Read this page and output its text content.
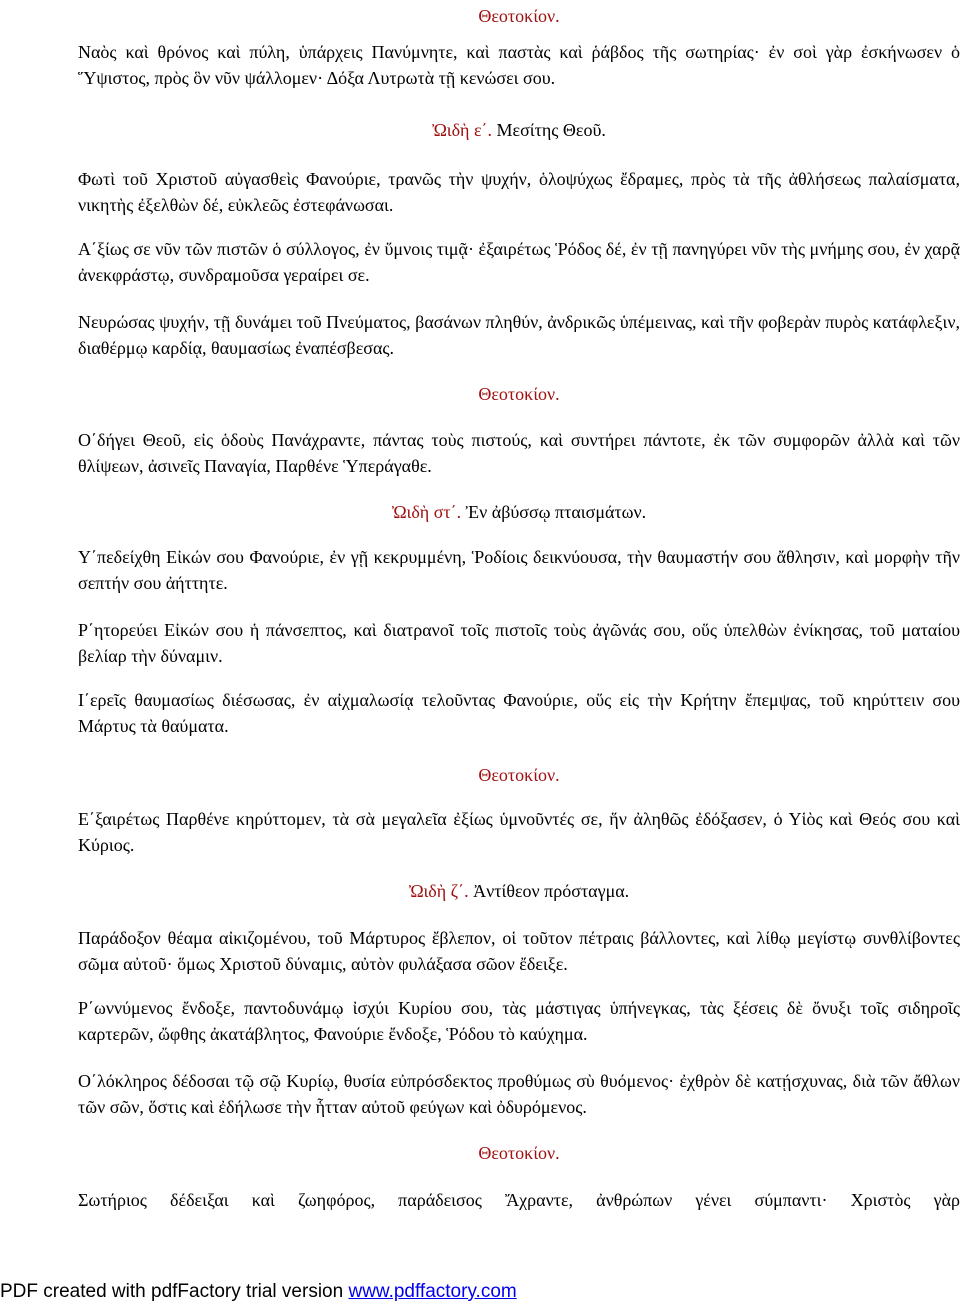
Θεοτοκίον.
Ναὸς καὶ θρόνος καὶ πύλη, ὑπάρχεις Πανύμνητε, καὶ παστὰς καὶ ῥάβδος τῆς σωτηρίας· ἐν σοὶ γὰρ ἐσκήνωσεν ὁ Ὕψιστος, πρὸς ὃν νῦν ψάλλομεν· Δόξα Λυτρωτὰ τῇ κενώσει σου.
Ὠιδὴ ε΄. Μεσίτης Θεοῦ.
Φωτὶ τοῦ Χριστοῦ αὐγασθεὶς Φανούριε, τρανῶς τὴν ψυχήν, ὁλοψύχως ἔδραμες, πρὸς τὰ τῆς ἀθλήσεως παλαίσματα, νικητὴς ἐξελθὼν δέ, εὐκλεῶς ἐστεφάνωσαι.
Α΄ξίως σε νῦν τῶν πιστῶν ὁ σύλλογος, ἐν ὕμνοις τιμᾷ· ἐξαιρέτως Ῥόδος δέ, ἐν τῇ πανηγύρει νῦν τὴς μνήμης σου, ἐν χαρᾷ ἀνεκφράστῳ, συνδραμοῦσα γεραίρει σε.
Νευρώσας ψυχήν, τῇ δυνάμει τοῦ Πνεύματος, βασάνων πληθύν, ἀνδρικῶς ὑπέμεινας, καὶ τῆν φοβερὰν πυρὸς κατάφλεξιν, διαθέρμῳ καρδίᾳ, θαυμασίως ἐναπέσβεσας.
Θεοτοκίον.
Ο΄δήγει Θεοῦ, εἰς ὁδοὺς Πανάχραντε, πάντας τοὺς πιστούς, καὶ συντήρει πάντοτε, ἐκ τῶν συμφορῶν ἀλλὰ καὶ τῶν θλίψεων, ἀσινεῖς Παναγία, Παρθένε Ὑπεράγαθε.
Ὠιδὴ στ΄. Ἐν ἀβύσσῳ πταισμάτων.
Υ΄πεδείχθη Εἰκών σου Φανούριε, ἐν γῇ κεκρυμμένη, Ῥοδίοις δεικνύουσα, τὴν θαυμαστήν σου ἄθλησιν, καὶ μορφὴν τῆν σεπτήν σου ἀήττητε.
Ρ΄ητορεύει Εἰκών σου ἡ πάνσεπτος, καὶ διατρανοῖ τοῖς πιστοῖς τοὺς ἀγῶνάς σου, οὕς ὑπελθὼν ἐνίκησας, τοῦ ματαίου βελίαρ τὴν δύναμιν.
Ι΄ερεῖς θαυμασίως διέσωσας, ἐν αἰχμαλωσίᾳ τελοῦντας Φανούριε, οὕς εἰς τὴν Κρήτην ἔπεμψας, τοῦ κηρύττειν σου Μάρτυς τὰ θαύματα.
Θεοτοκίον.
Ε΄ξαιρέτως Παρθένε κηρύττομεν, τὰ σὰ μεγαλεῖα ἐξίως ὑμνοῦντές σε, ἥν ἀληθῶς ἐδόξασεν, ὁ Υἱὸς καὶ Θεός σου καὶ Κύριος.
Ὠιδὴ ζ΄. Ἀντίθεον πρόσταγμα.
Παράδοξον θέαμα αἰκιζομένου, τοῦ Μάρτυρος ἔβλεπον, οἱ τοῦτον πέτραις βάλλοντες, καὶ λίθῳ μεγίστῳ συνθλίβοντες σῶμα αὐτοῦ· ὅμως Χριστοῦ δύναμις, αὐτὸν φυλάξασα σῶον ἔδειξε.
Ρ΄ωννύμενος ἔνδοξε, παντοδυνάμῳ ἰσχύι Κυρίου σου, τὰς μάστιγας ὑπήνεγκας, τὰς ξέσεις δὲ ὄνυξι τοῖς σιδηροῖς καρτερῶν, ὤφθης ἀκατάβλητος, Φανούριε ἔνδοξε, Ῥόδου τὸ καύχημα.
Ο΄λόκληρος δέδοσαι τῷ σῷ Κυρίῳ, θυσία εὐπρόσδεκτος προθύμως σὺ θυόμενος· ἐχθρὸν δὲ κατῄσχυνας, διὰ τῶν ἄθλων τῶν σῶν, ὅστις καὶ ἐδήλωσε τὴν ἧτταν αὐτοῦ φεύγων καὶ ὀδυρόμενος.
Θεοτοκίον.
Σωτήριος δέδειξαι καὶ ζωηφόρος, παράδεισος Ἄχραντε, ἀνθρώπων γένει σύμπαντι· Χριστὸς γὰρ
PDF created with pdfFactory trial version www.pdffactory.com
